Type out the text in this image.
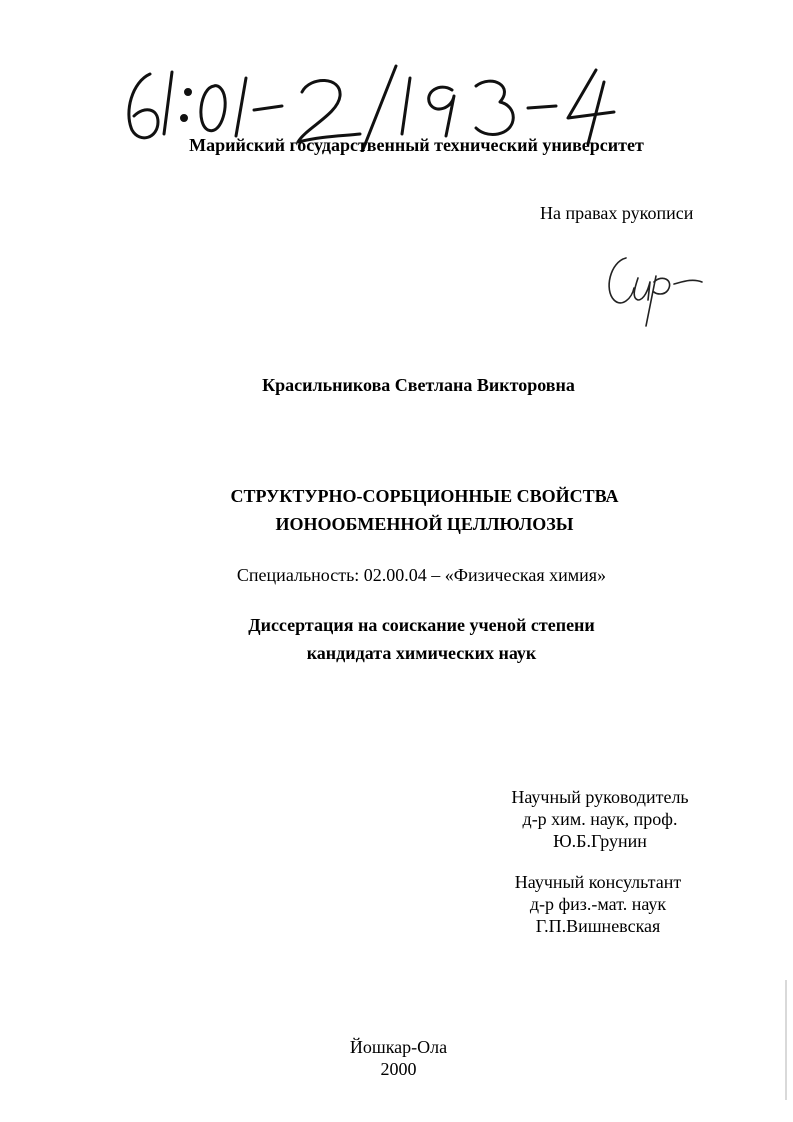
Марийский государственный технический университет
На правах рукописи
Красильникова Светлана Викторовна
СТРУКТУРНО-СОРБЦИОННЫЕ СВОЙСТВА
ИОНООБМЕННОЙ ЦЕЛЛЮЛОЗЫ
Специальность: 02.00.04 – «Физическая химия»
Диссертация на соискание ученой степени
кандидата химических наук
Научный руководитель
д-р хим. наук, проф.
Ю.Б.Грунин
Научный консультант
д-р физ.-мат. наук
Г.П.Вишневская
Йошкар-Ола
2000
